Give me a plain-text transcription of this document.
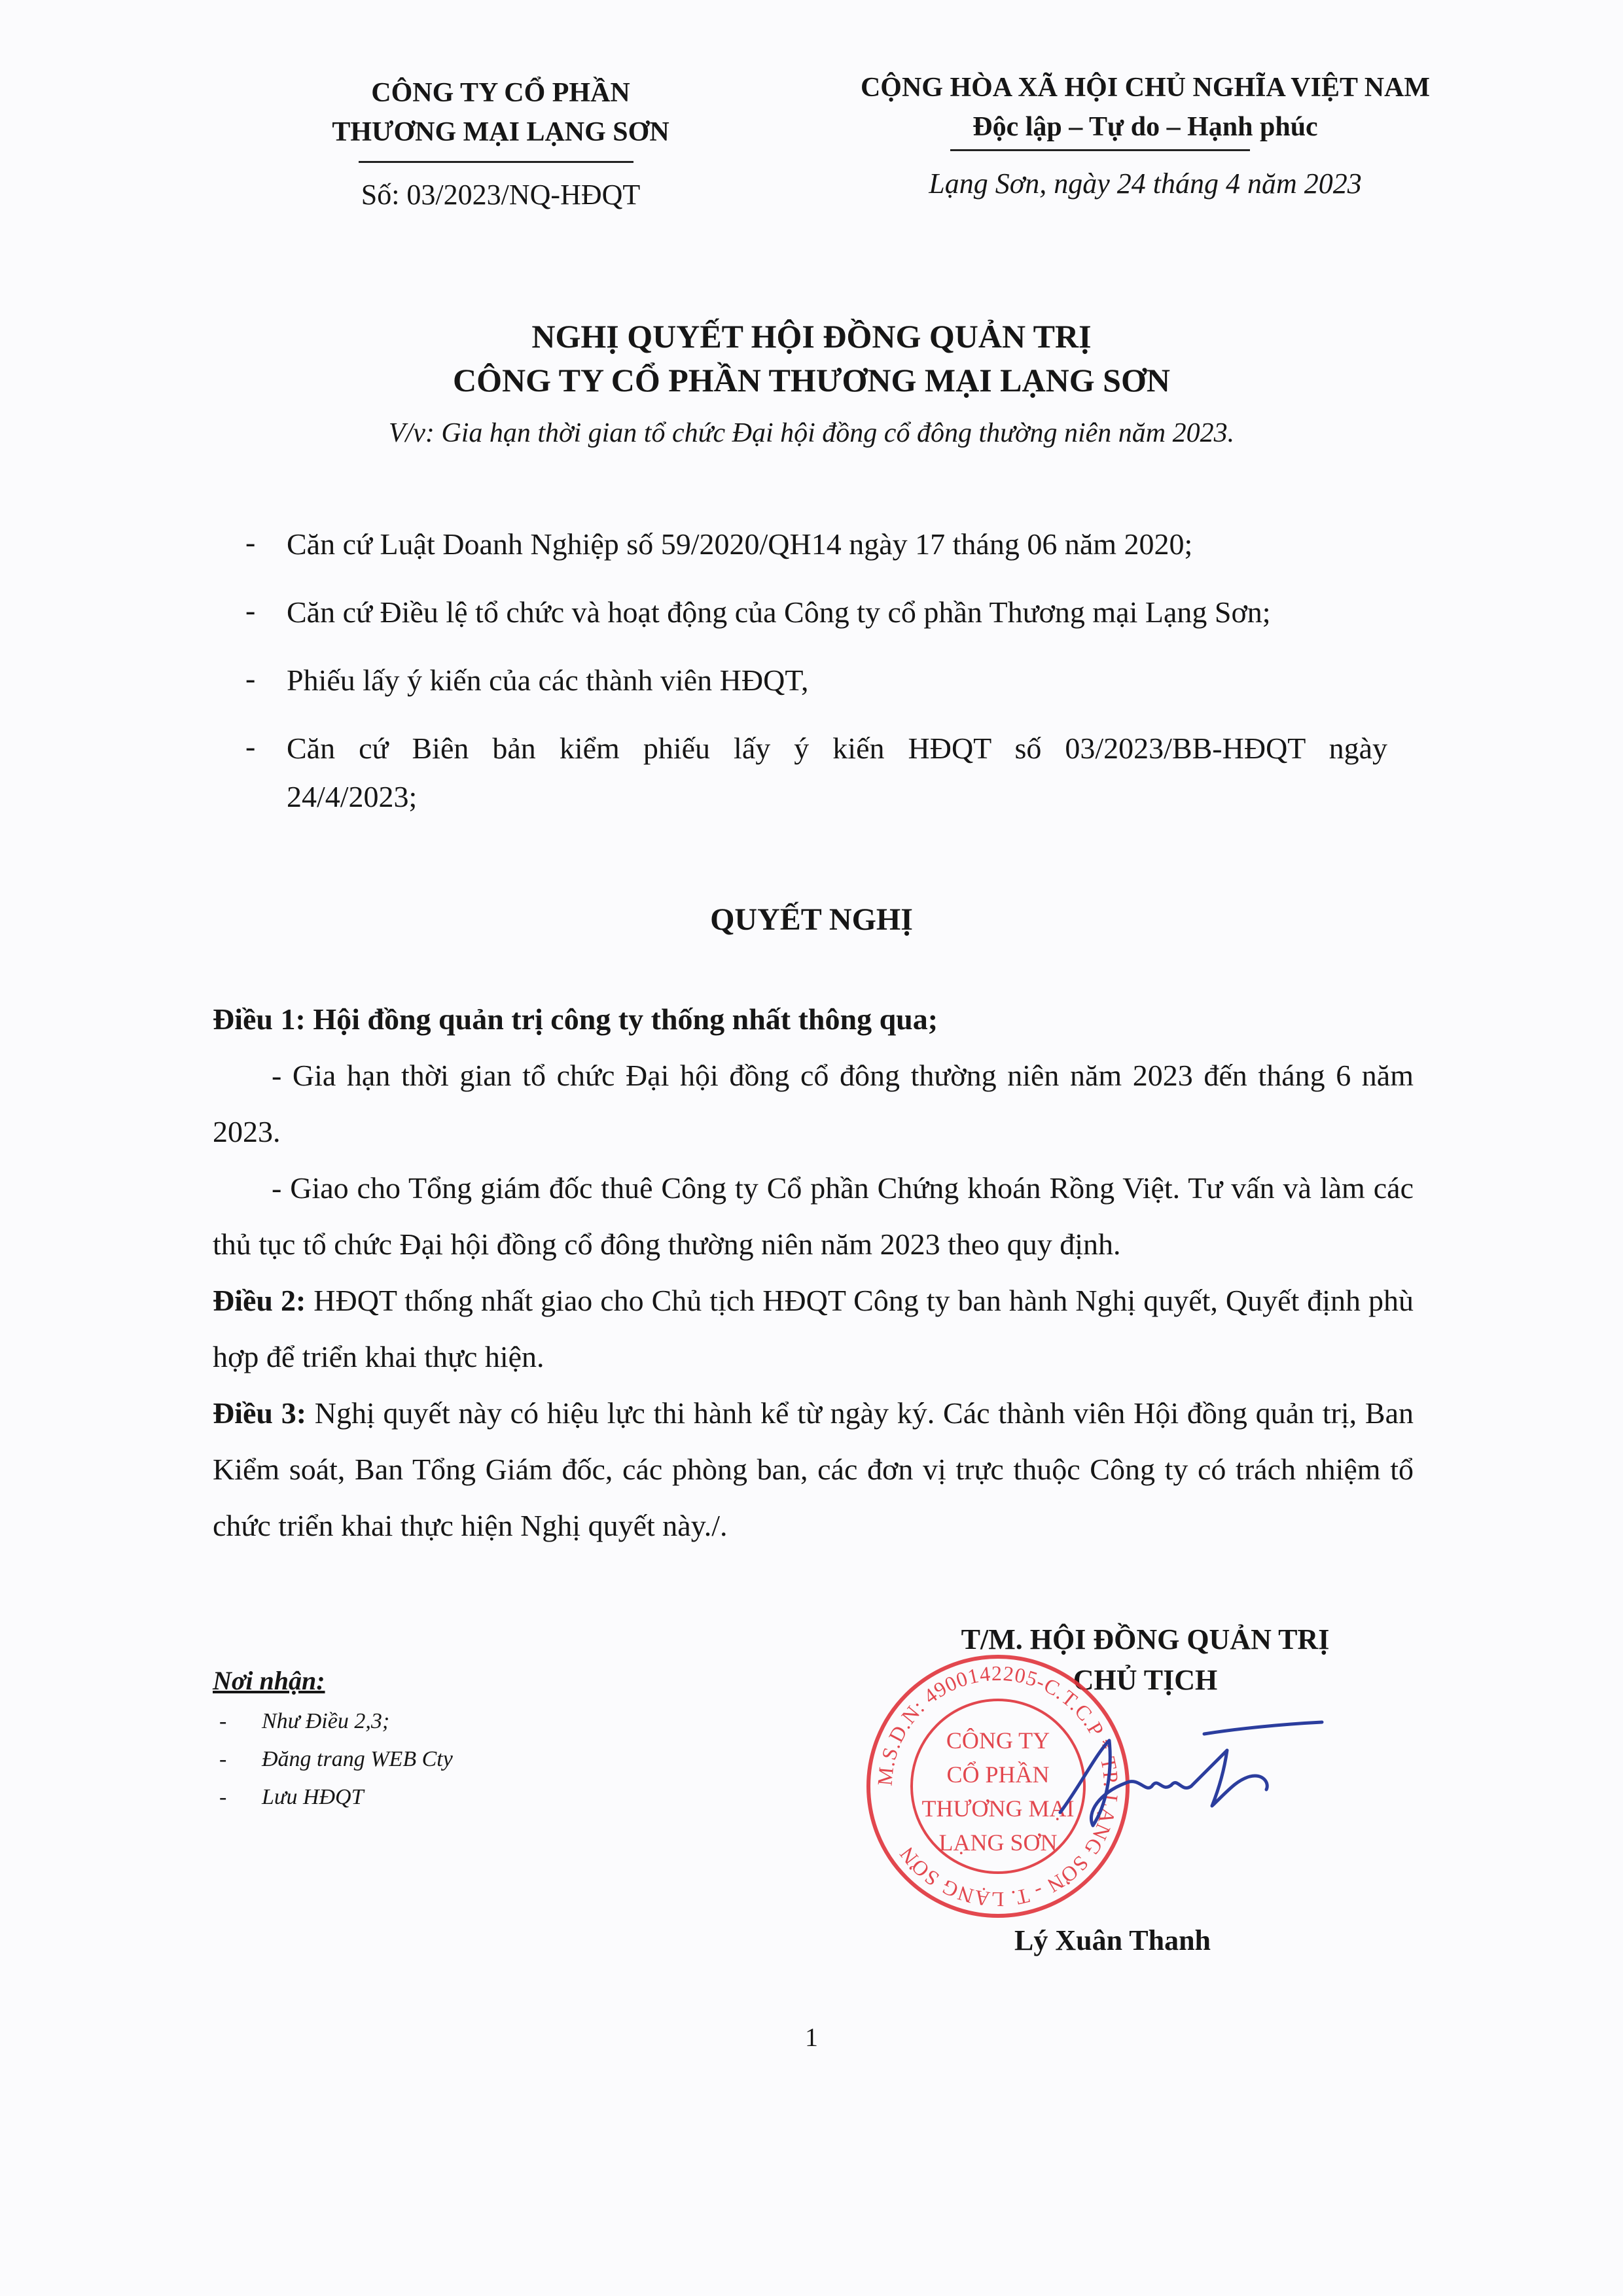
CÔNG TY CỔ PHẦN
THƯƠNG MẠI LẠNG SƠN
Số: 03/2023/NQ-HĐQT
CỘNG HÒA XÃ HỘI CHỦ NGHĨA VIỆT NAM
Độc lập – Tự do – Hạnh phúc
Lạng Sơn, ngày 24 tháng 4 năm 2023
NGHỊ QUYẾT HỘI ĐỒNG QUẢN TRỊ
CÔNG TY CỔ PHẦN THƯƠNG MẠI LẠNG SƠN
V/v: Gia hạn thời gian tổ chức Đại hội đồng cổ đông thường niên năm 2023.
- Căn cứ Luật Doanh Nghiệp số 59/2020/QH14 ngày 17 tháng 06 năm 2020;
- Căn cứ Điều lệ tổ chức và hoạt động của Công ty cổ phần Thương mại Lạng Sơn;
- Phiếu lấy ý kiến của các thành viên HĐQT,
- Căn cứ Biên bản kiểm phiếu lấy ý kiến HĐQT số 03/2023/BB-HĐQT ngày
24/4/2023;
QUYẾT NGHỊ
Điều 1: Hội đồng quản trị công ty thống nhất thông qua;
- Gia hạn thời gian tổ chức Đại hội đồng cổ đông thường niên năm 2023 đến tháng 6 năm 2023.
- Giao cho Tổng giám đốc thuê Công ty Cổ phần Chứng khoán Rồng Việt. Tư vấn và làm các thủ tục tổ chức Đại hội đồng cổ đông thường niên năm 2023 theo quy định.
Điều 2: HĐQT thống nhất giao cho Chủ tịch HĐQT Công ty ban hành Nghị quyết, Quyết định phù hợp để triển khai thực hiện.
Điều 3: Nghị quyết này có hiệu lực thi hành kể từ ngày ký. Các thành viên Hội đồng quản trị, Ban Kiểm soát, Ban Tổng Giám đốc, các phòng ban, các đơn vị trực thuộc Công ty có trách nhiệm tổ chức triển khai thực hiện Nghị quyết này./.
Nơi nhận:
- Như Điều 2,3;
- Đăng trang WEB Cty
- Lưu HĐQT
T/M. HỘI ĐỒNG QUẢN TRỊ
CHỦ TỊCH
M.S.D.N: 4900142205-C.T.C.P * TP. LẠNG SƠN - T. LẠNG SƠN
CÔNG TY
CỔ PHẦN
THƯƠNG MẠI
LẠNG SƠN
Lý Xuân Thanh
1
